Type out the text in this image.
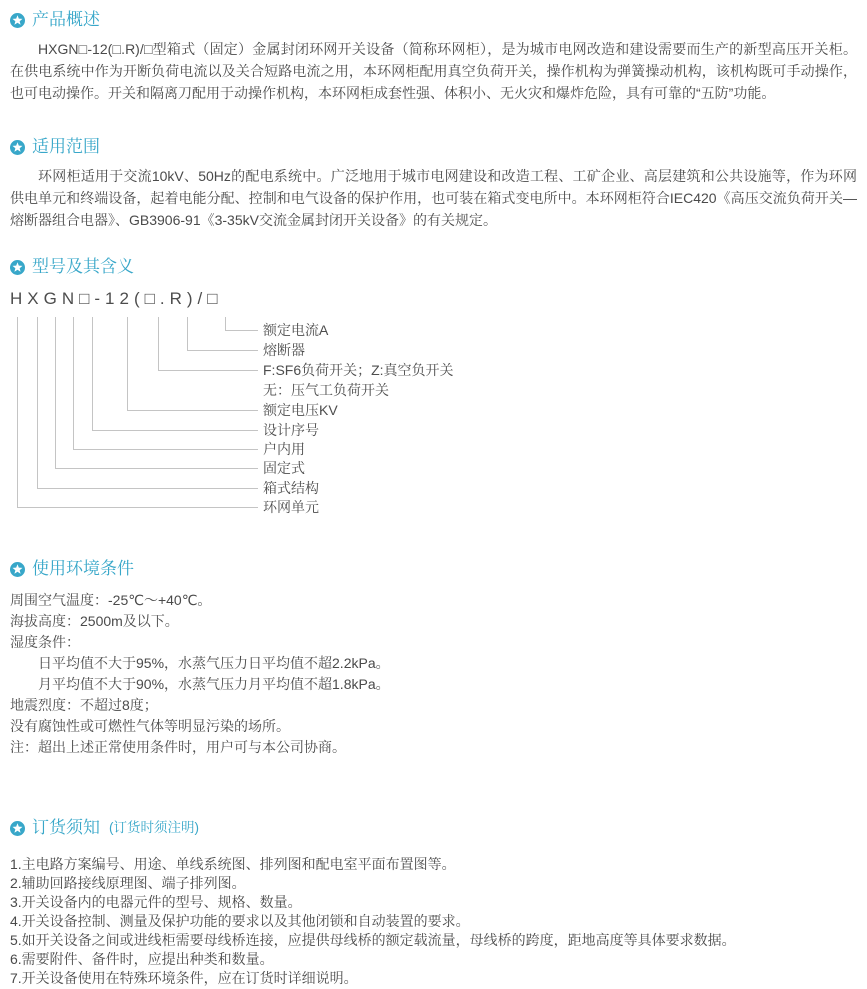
产品概述

HXGN□-12(□.R)/□型箱式（固定）金属封闭环网开关设备（简称环网柜），是为城市电网改造和建设需要而生产的新型高压开关柜。在供电系统中作为开断负荷电流以及关合短路电流之用，本环网柜配用真空负荷开关，操作机构为弹簧操动机构，该机构既可手动操作，也可电动操作。开关和隔离刀配用于动操作机构，本环网柜成套性强、体积小、无火灾和爆炸危险，具有可靠的“五防”功能。

适用范围

环网柜适用于交流10kV、50Hz的配电系统中。广泛地用于城市电网建设和改造工程、工矿企业、高层建筑和公共设施等，作为环网供电单元和终端设备，起着电能分配、控制和电气设备的保护作用，也可装在箱式变电所中。本环网柜符合IEC420《高压交流负荷开关—熔断器组合电器》、GB3906-91《3-35kV交流金属封闭开关设备》的有关规定。

型号及其含义
HXGN□-12(□.R)/□
额定电流A
熔断器
F:SF6负荷开关；Z:真空负开关
无：压气工负荷开关
额定电压KV
设计序号
户内用
固定式
箱式结构
环网单元
使用环境条件
周围空气温度：-25℃～+40℃。
海拔高度：2500m及以下。
湿度条件：
日平均值不大于95%，水蒸气压力日平均值不超2.2kPa。
月平均值不大于90%，水蒸气压力月平均值不超1.8kPa。
地震烈度：不超过8度；
没有腐蚀性或可燃性气体等明显污染的场所。
注：超出上述正常使用条件时，用户可与本公司协商。
订货须知 (订货时须注明)
1.主电路方案编号、用途、单线系统图、排列图和配电室平面布置图等。
2.辅助回路接线原理图、端子排列图。
3.开关设备内的电器元件的型号、规格、数量。
4.开关设备控制、测量及保护功能的要求以及其他闭锁和自动装置的要求。
5.如开关设备之间或进线柜需要母线桥连接，应提供母线桥的额定载流量，母线桥的跨度，距地高度等具体要求数据。
6.需要附件、备件时，应提出种类和数量。
7.开关设备使用在特殊环境条件，应在订货时详细说明。
